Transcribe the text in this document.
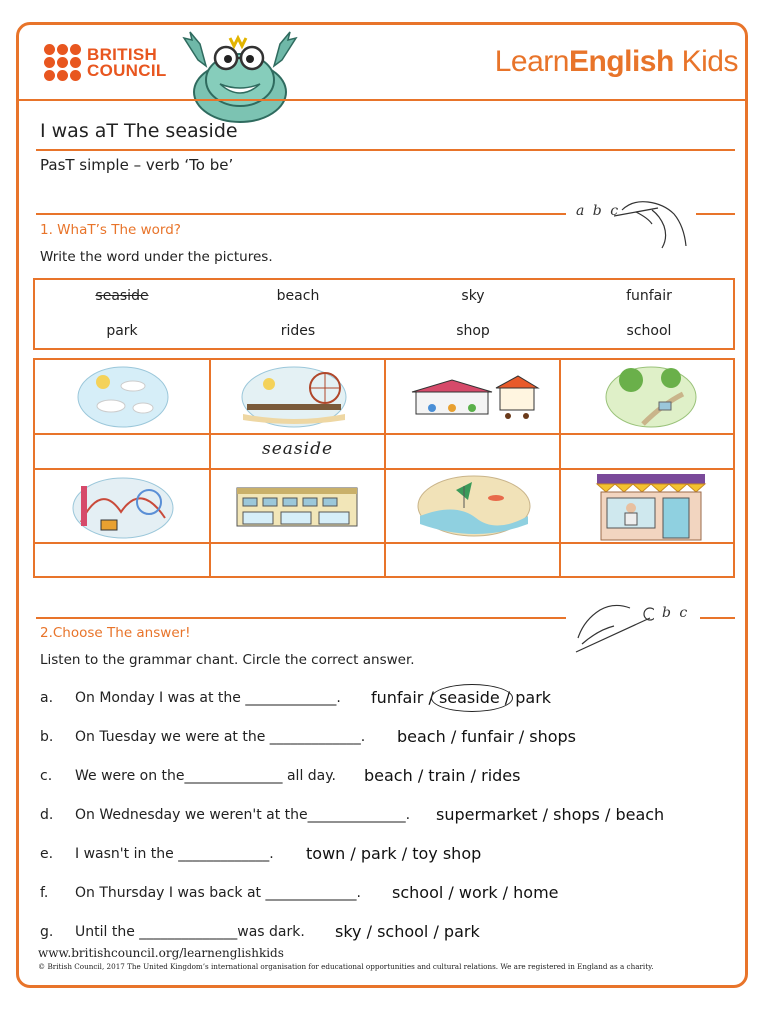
BRITISH
COUNCIL	LearnEnglish Kids
I was aT The seaside
PasT simple – verb ‘To be’
a b c
1. WhaT’s The word?
Write the word under the pictures.
seaside	beach	sky	funfair
park	rides	shop	school
seaside
b c
2.Choose The answer!
Listen to the grammar chant. Circle the correct answer.
a. On Monday I was at the _____________. funfair / seaside / park
b. On Tuesday we were at the _____________. beach / funfair / shops
c. We were on the______________ all day. beach / train / rides
d. On Wednesday we weren't at the______________. supermarket / shops / beach
e. I wasn't in the _____________. town / park / toy shop
f. On Thursday I was back at _____________. school / work / home
g. Until the ______________was dark. sky / school / park
www.britishcouncil.org/learnenglishkids
© British Council, 2017 The United Kingdom’s international organisation for educational opportunities and cultural relations. We are registered in England as a charity.
